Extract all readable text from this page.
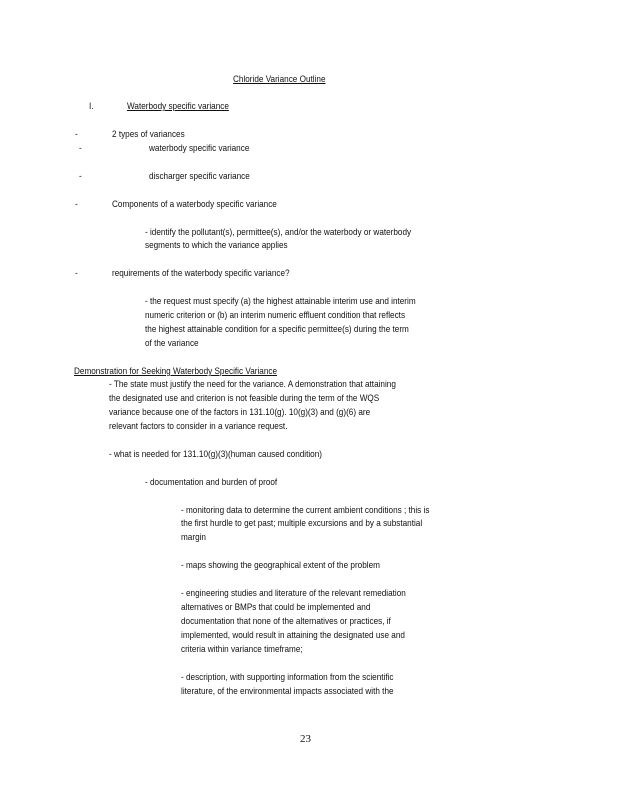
Chloride Variance Outline
I.	Waterbody specific variance
-	2 types of variances
-	waterbody specific variance
-	discharger specific variance
-	Components of a waterbody specific variance
- identify the pollutant(s), permittee(s), and/or the waterbody or waterbody
segments to which the variance applies
-	requirements of the waterbody specific variance?
- the request must specify (a) the highest attainable interim use and interim
numeric criterion or (b) an interim numeric effluent condition that reflects
the highest attainable condition for a specific permittee(s) during the term
of the variance
Demonstration for Seeking Waterbody Specific Variance
- The state must justify the need for the variance. A demonstration that attaining
the designated use and criterion is not feasible during the term of the WQS
variance because one of the factors in 131.10(g). 10(g)(3) and (g)(6) are
relevant factors to consider in a variance request.
- what is needed for 131.10(g)(3)(human caused condition)
- documentation and burden of proof
- monitoring data to determine the current ambient conditions ; this is
the first hurdle to get past; multiple excursions and by a substantial
margin
- maps showing the geographical extent of the problem
- engineering studies and literature of the relevant remediation
alternatives or BMPs that could be implemented and
documentation that none of the alternatives or practices, if
implemented, would result in attaining the designated use and
criteria within variance timeframe;
- description, with supporting information from the scientific
literature, of the environmental impacts associated with the
23
